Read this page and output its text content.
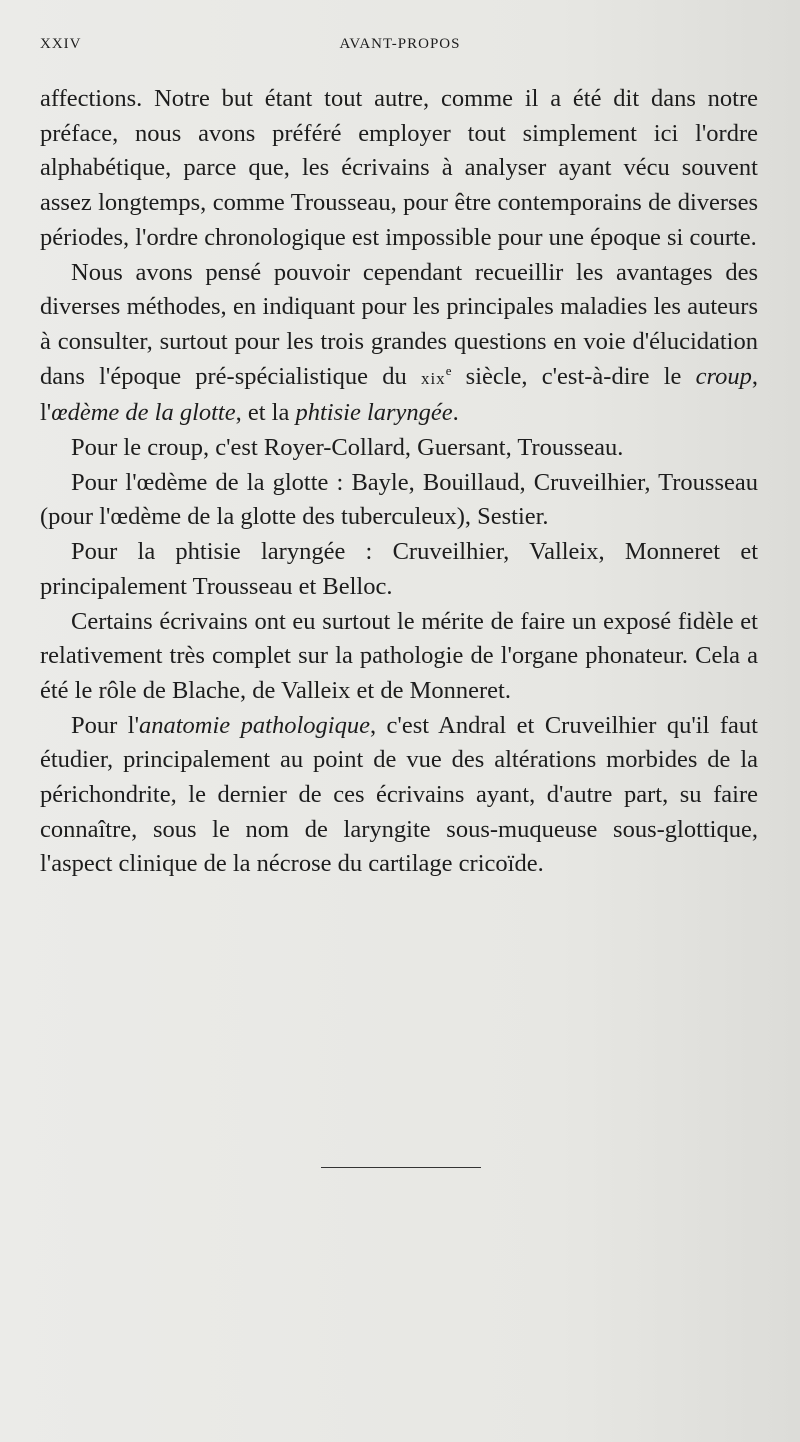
XXIV	AVANT-PROPOS

affections. Notre but étant tout autre, comme il a été dit dans notre préface, nous avons préféré employer tout simplement ici l'ordre alphabétique, parce que, les écrivains à analyser ayant vécu souvent assez longtemps, comme Trousseau, pour être contemporains de diverses périodes, l'ordre chronologique est impossible pour une époque si courte.

Nous avons pensé pouvoir cependant recueillir les avantages des diverses méthodes, en indiquant pour les principales maladies les auteurs à consulter, surtout pour les trois grandes questions en voie d'élucidation dans l'époque pré-spécialistique du xix$^e$ siècle, c'est-à-dire le croup, l'œdème de la glotte, et la phtisie laryngée.

Pour le croup, c'est Royer-Collard, Guersant, Trousseau.

Pour l'œdème de la glotte : Bayle, Bouillaud, Cruveilhier, Trousseau (pour l'œdème de la glotte des tuberculeux), Sestier.

Pour la phtisie laryngée : Cruveilhier, Valleix, Monneret et principalement Trousseau et Belloc.

Certains écrivains ont eu surtout le mérite de faire un exposé fidèle et relativement très complet sur la pathologie de l'organe phonateur. Cela a été le rôle de Blache, de Valleix et de Monneret.

Pour l'anatomie pathologique, c'est Andral et Cruveilhier qu'il faut étudier, principalement au point de vue des altérations morbides de la périchondrite, le dernier de ces écrivains ayant, d'autre part, su faire connaître, sous le nom de laryngite sous-muqueuse sous-glottique, l'aspect clinique de la nécrose du cartilage cricoïde.
